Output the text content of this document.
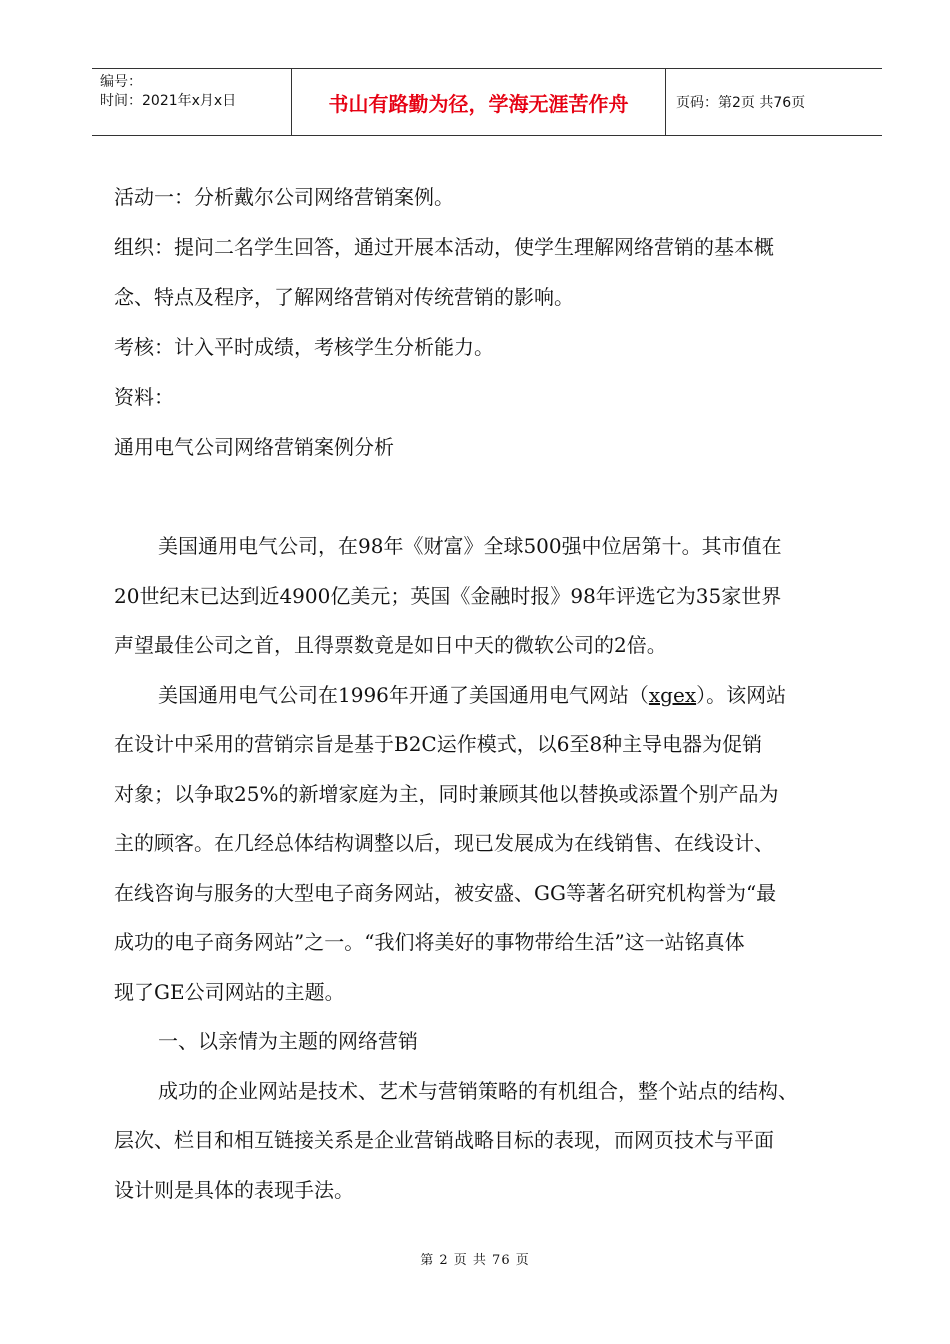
编号：
时间：2021年x月x日	书山有路勤为径，学海无涯苦作舟	页码：第2页 共76页

活动一：分析戴尔公司网络营销案例。

组织：提问二名学生回答，通过开展本活动，使学生理解网络营销的基本概

念、特点及程序，了解网络营销对传统营销的影响。

考核：计入平时成绩，考核学生分析能力。

资料：

通用电气公司网络营销案例分析

美国通用电气公司，在98年《财富》全球500强中位居第十。其市值在

20世纪末已达到近4900亿美元；英国《金融时报》98年评选它为35家世界

声望最佳公司之首，且得票数竟是如日中天的微软公司的2倍。

美国通用电气公司在1996年开通了美国通用电气网站（xgex）。该网站

在设计中采用的营销宗旨是基于B2C运作模式，以6至8种主导电器为促销

对象；以争取25%的新增家庭为主，同时兼顾其他以替换或添置个别产品为

主的顾客。在几经总体结构调整以后，现已发展成为在线销售、在线设计、

在线咨询与服务的大型电子商务网站，被安盛、GG等著名研究机构誉为“最

成功的电子商务网站”之一。“我们将美好的事物带给生活”这一站铭真体

现了GE公司网站的主题。

一、以亲情为主题的网络营销

成功的企业网站是技术、艺术与营销策略的有机组合，整个站点的结构、

层次、栏目和相互链接关系是企业营销战略目标的表现，而网页技术与平面

设计则是具体的表现手法。

第 2 页 共 76 页
